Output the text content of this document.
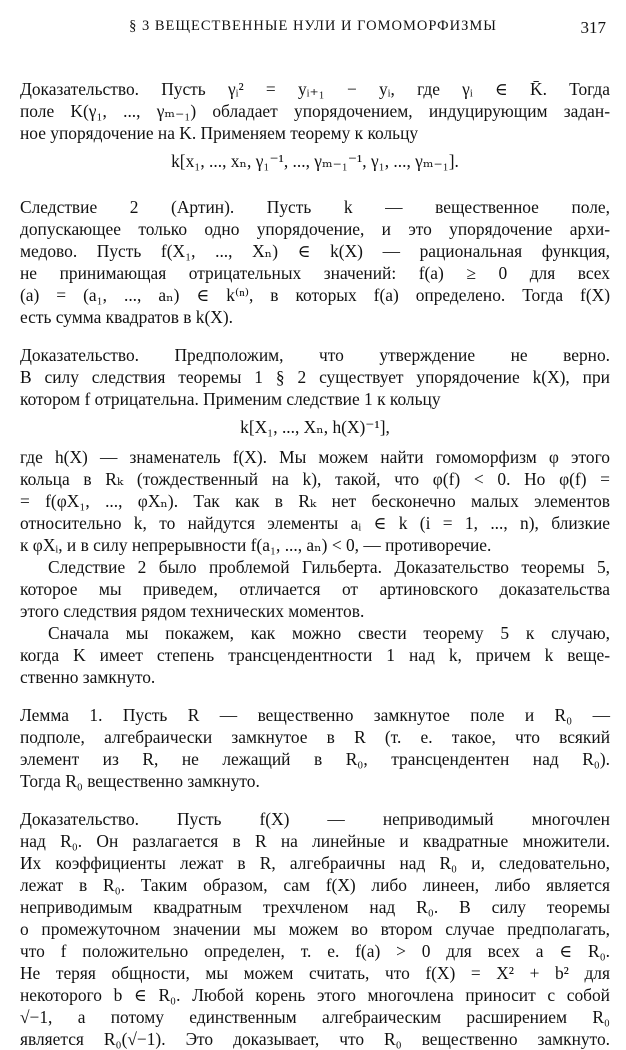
§ 3 ВЕЩЕСТВЕННЫЕ НУЛИ И ГОМОМОРФИЗМЫ	317

Доказательство. Пусть γᵢ² = yᵢ₊₁ − yᵢ, где γᵢ ∈ K̄. Тогда

поле K(γ₁, ..., γₘ₋₁) обладает упорядочением, индуцирующим задан-

ное упорядочение на K. Применяем теорему к кольцу

k[x₁, ..., xₙ, γ₁⁻¹, ..., γₘ₋₁⁻¹, γ₁, ..., γₘ₋₁].

Следствие 2 (Артин). Пусть k — вещественное поле,

допускающее только одно упорядочение, и это упорядочение архи-

медово. Пусть f(X₁, ..., Xₙ) ∈ k(X) — рациональная функция,

не принимающая отрицательных значений: f(a) ≥ 0 для всех

(a) = (a₁, ..., aₙ) ∈ k⁽ⁿ⁾, в которых f(a) определено. Тогда f(X)

есть сумма квадратов в k(X).

Доказательство. Предположим, что утверждение не верно.

В силу следствия теоремы 1 § 2 существует упорядочение k(X), при

котором f отрицательна. Применим следствие 1 к кольцу

k[X₁, ..., Xₙ, h(X)⁻¹],

где h(X) — знаменатель f(X). Мы можем найти гомоморфизм φ этого

кольца в Rₖ (тождественный на k), такой, что φ(f) < 0. Но φ(f) =

= f(φX₁, ..., φXₙ). Так как в Rₖ нет бесконечно малых элементов

относительно k, то найдутся элементы aᵢ ∈ k (i = 1, ..., n), близкие

к φXᵢ, и в силу непрерывности f(a₁, ..., aₙ) < 0, — противоречие.

Следствие 2 было проблемой Гильберта. Доказательство теоремы 5,

которое мы приведем, отличается от артиновского доказательства

этого следствия рядом технических моментов.

Сначала мы покажем, как можно свести теорему 5 к случаю,

когда K имеет степень трансцендентности 1 над k, причем k веще-

ственно замкнуто.

Лемма 1. Пусть R — вещественно замкнутое поле и R₀ —

подполе, алгебраически замкнутое в R (т. е. такое, что всякий

элемент из R, не лежащий в R₀, трансцендентен над R₀).

Тогда R₀ вещественно замкнуто.

Доказательство. Пусть f(X) — неприводимый многочлен

над R₀. Он разлагается в R на линейные и квадратные множители.

Их коэффициенты лежат в R, алгебраичны над R₀ и, следовательно,

лежат в R₀. Таким образом, сам f(X) либо линеен, либо является

неприводимым квадратным трехчленом над R₀. В силу теоремы

о промежуточном значении мы можем во втором случае предполагать,

что f положительно определен, т. е. f(a) > 0 для всех a ∈ R₀.

Не теряя общности, мы можем считать, что f(X) = X² + b² для

некоторого b ∈ R₀. Любой корень этого многочлена приносит с собой

√−1, а потому единственным алгебраическим расширением R₀

является R₀(√−1). Это доказывает, что R₀ вещественно замкнуто.
